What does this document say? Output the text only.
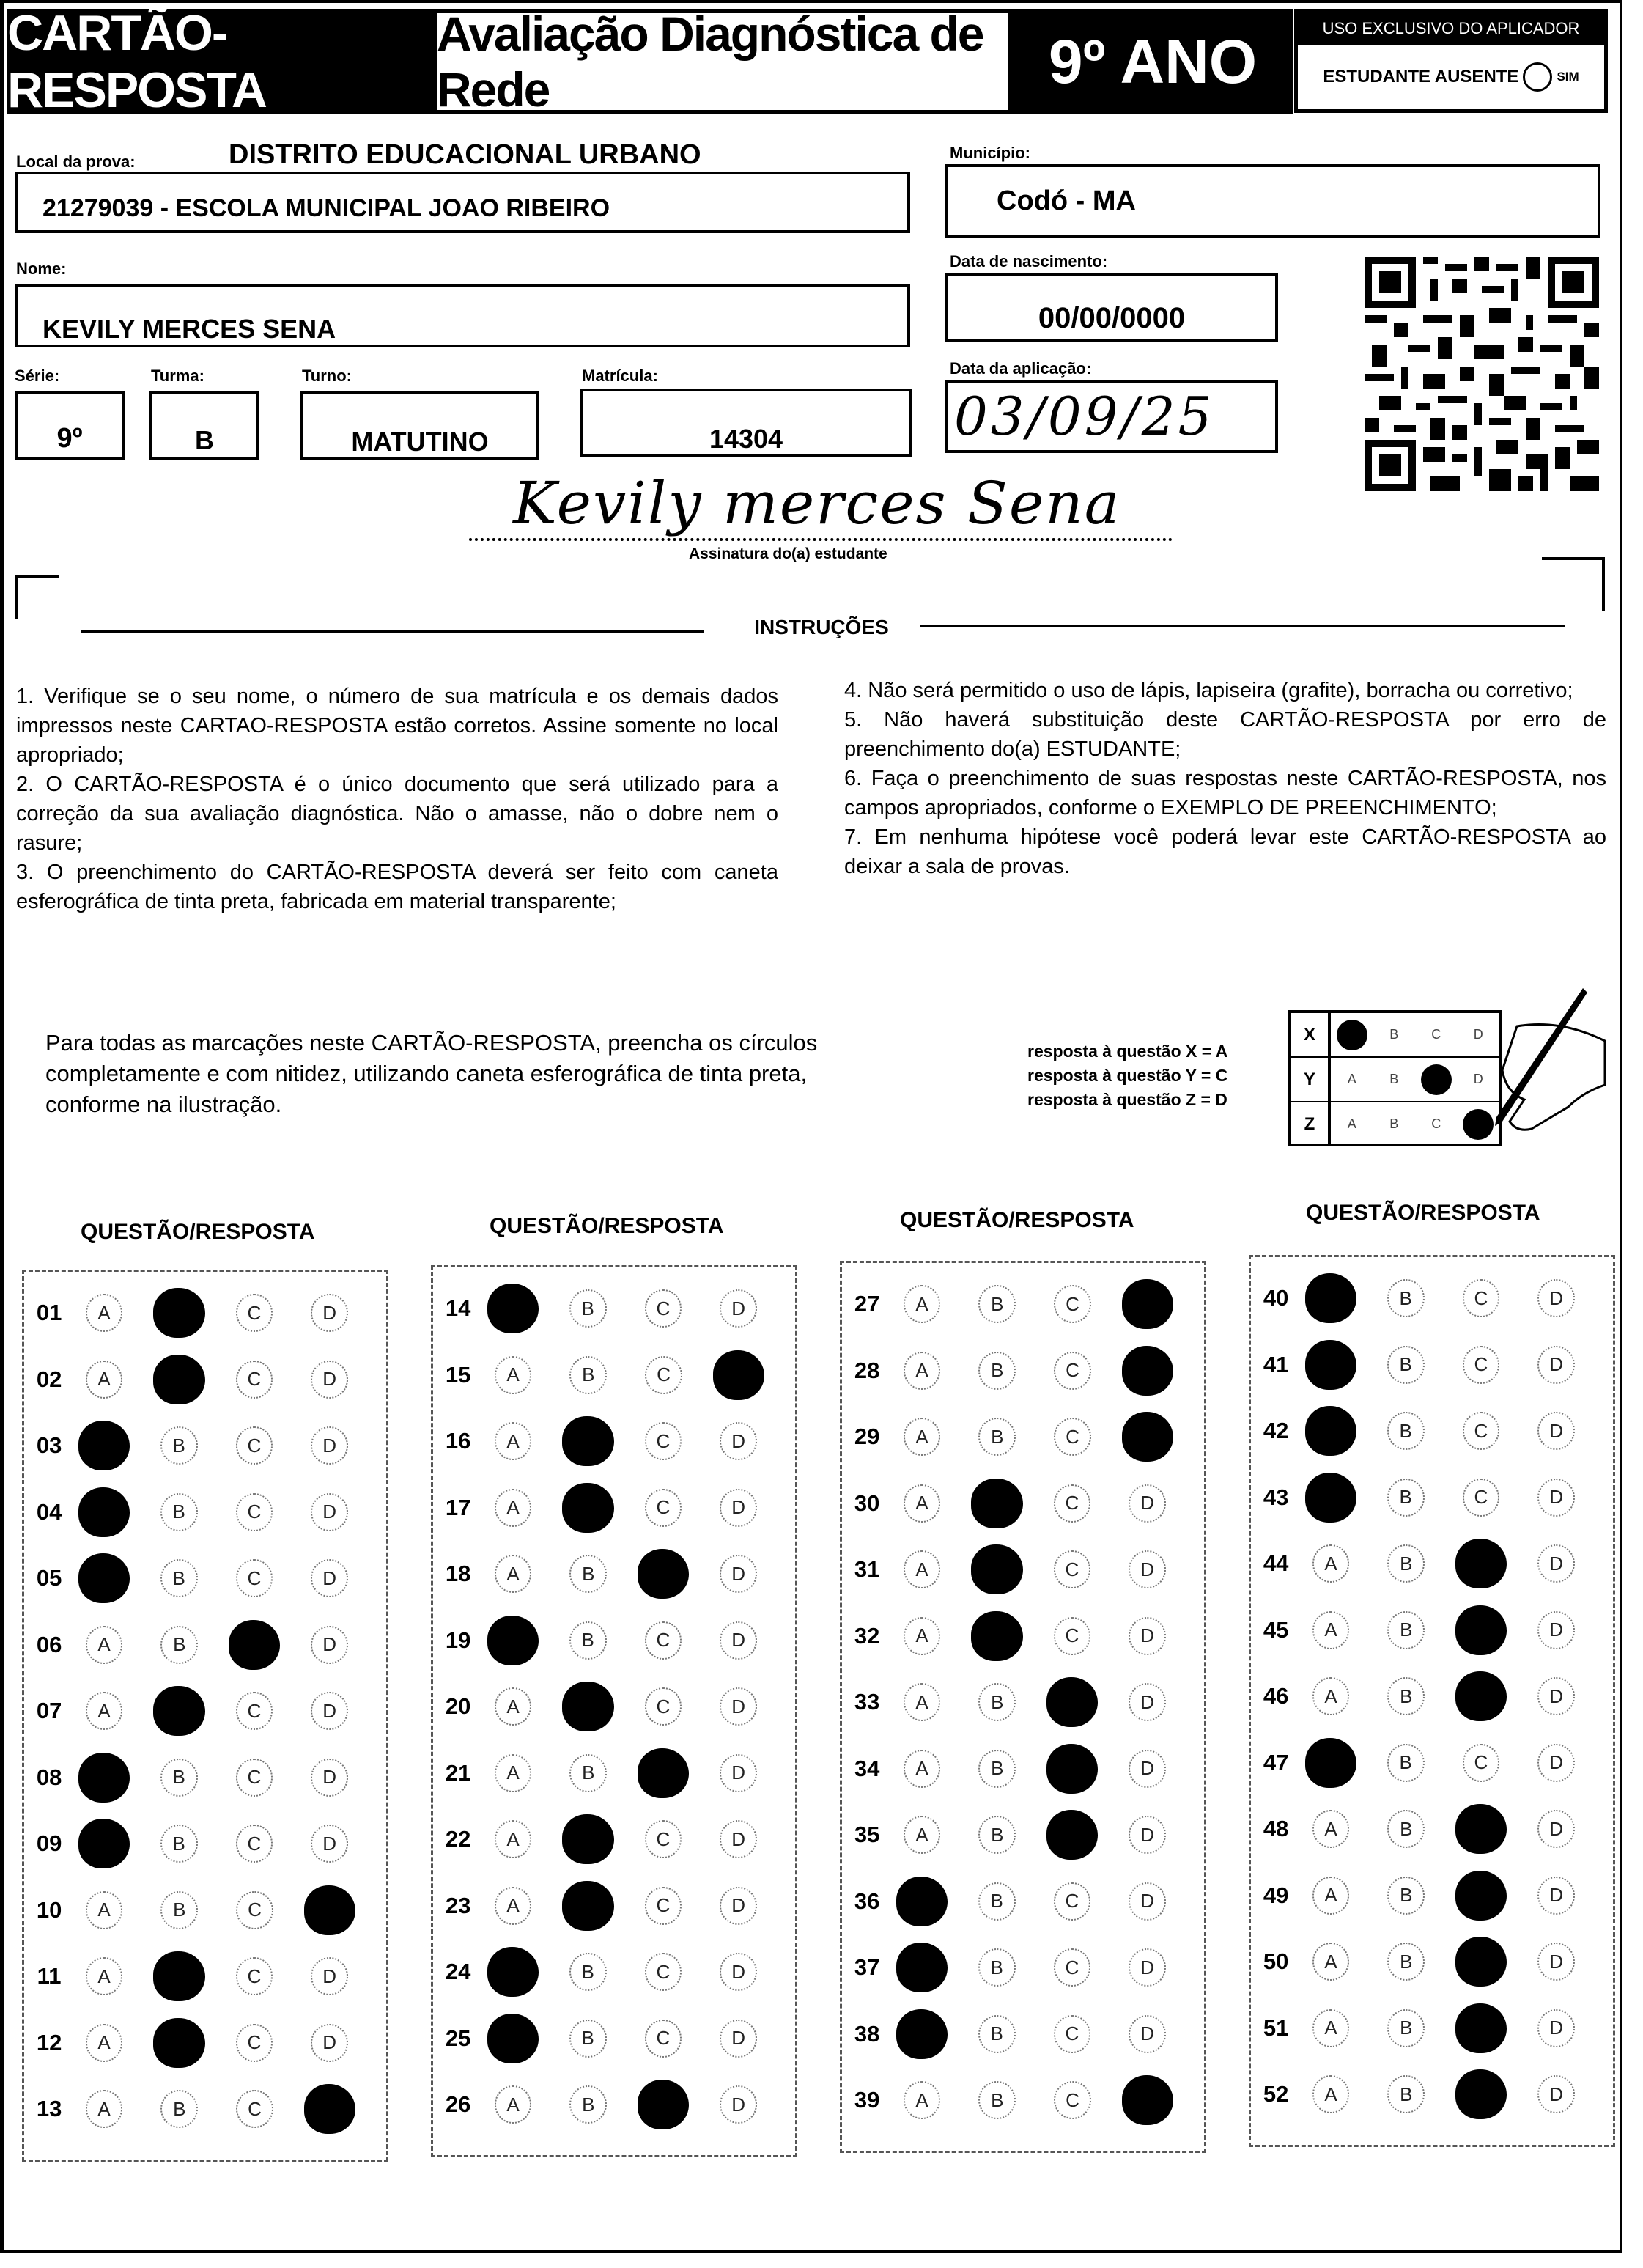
CARTÃO-RESPOSTA
Avaliação Diagnóstica de Rede	9º ANO	USO EXCLUSIVO DO APLICADOR
ESTUDANTE AUSENTE	SIM
Local da prova:	DISTRITO EDUCACIONAL URBANO
21279039 - ESCOLA MUNICIPAL JOAO RIBEIRO
Município:
Codó - MA
Nome:
KEVILY MERCES SENA
Data de nascimento:
00/00/0000
Série:
9º
Turma:
B
Turno:
MATUTINO
Matrícula:
14304
Data da aplicação:
03/09/25
Kevily merces Sena
Assinatura do(a) estudante
INSTRUÇÕES

1. Verifique se o seu nome, o número de sua matrícula e os demais dados impressos neste CARTAO-RESPOSTA estão corretos. Assine somente no local apropriado;

2. O CARTÃO-RESPOSTA é o único documento que será utilizado para a correção da sua avaliação diagnóstica. Não o amasse, não o dobre nem o rasure;

3. O preenchimento do CARTÃO-RESPOSTA deverá ser feito com caneta esferográfica de tinta preta, fabricada em material transparente;

4. Não será permitido o uso de lápis, lapiseira (grafite), borracha ou corretivo;

5. Não haverá substituição deste CARTÃO-RESPOSTA por erro de preenchimento do(a) ESTUDANTE;

6. Faça o preenchimento de suas respostas neste CARTÃO-RESPOSTA, nos campos apropriados, conforme o EXEMPLO DE PREENCHIMENTO;

7. Em nenhuma hipótese você poderá levar este CARTÃO-RESPOSTA ao deixar a sala de provas.

Para todas as marcações neste CARTÃO-RESPOSTA, preencha os círculos completamente e com nitidez, utilizando caneta esferográfica de tinta preta, conforme na ilustração.
resposta à questão X = A
resposta à questão Y = C
resposta à questão Z = D
X	B	C	D
Y	A	B	D
Z	A	B	C
QUESTÃO/RESPOSTA
01	A	C	D
02	A	C	D
03	B	C	D
04	B	C	D
05	B	C	D
06	A	B	D
07	A	C	D
08	B	C	D
09	B	C	D
10	A	B	C
11	A	C	D
12	A	C	D
13	A	B	C
QUESTÃO/RESPOSTA
14	B	C	D
15	A	B	C
16	A	C	D
17	A	C	D
18	A	B	D
19	B	C	D
20	A	C	D
21	A	B	D
22	A	C	D
23	A	C	D
24	B	C	D
25	B	C	D
26	A	B	D
QUESTÃO/RESPOSTA
27	A	B	C
28	A	B	C
29	A	B	C
30	A	C	D
31	A	C	D
32	A	C	D
33	A	B	D
34	A	B	D
35	A	B	D
36	B	C	D
37	B	C	D
38	B	C	D
39	A	B	C
QUESTÃO/RESPOSTA
40	B	C	D
41	B	C	D
42	B	C	D
43	B	C	D
44	A	B	D
45	A	B	D
46	A	B	D
47	B	C	D
48	A	B	D
49	A	B	D
50	A	B	D
51	A	B	D
52	A	B	D
